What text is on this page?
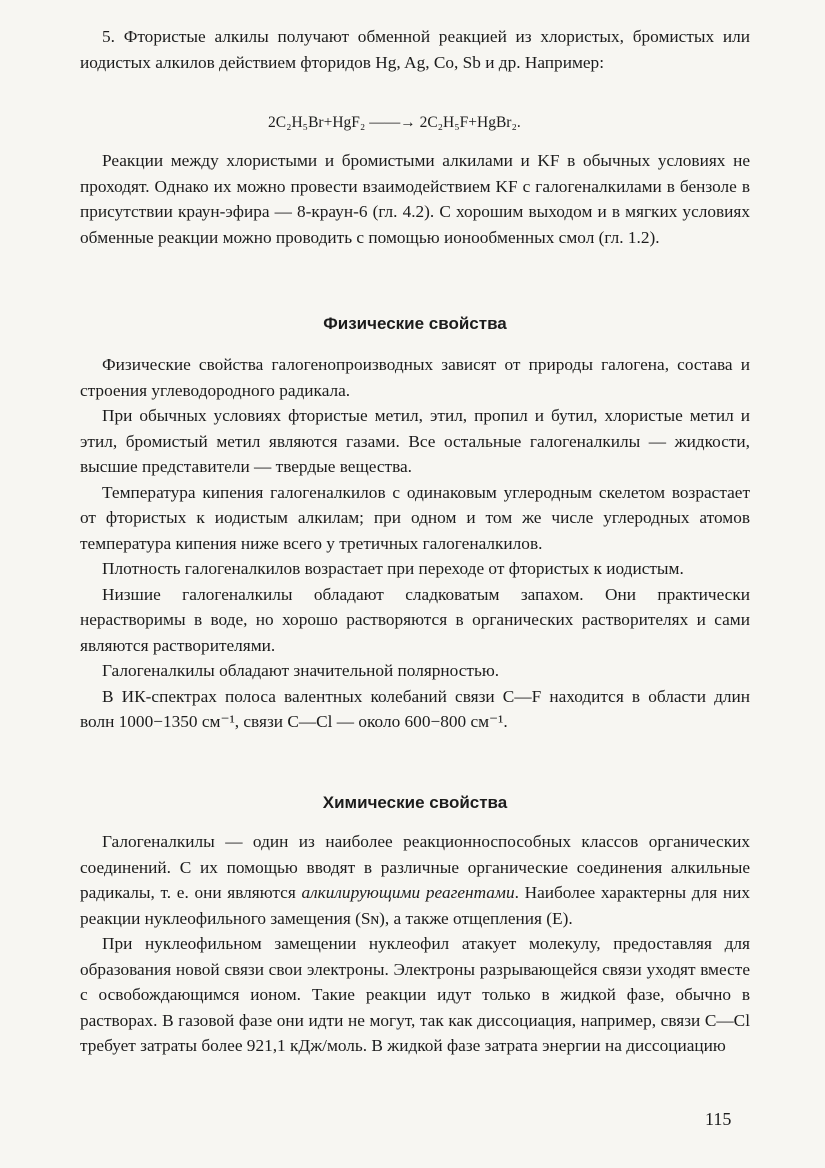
5. Фтористые алкилы получают обменной реакцией из хлористых, бромистых или иодистых алкилов действием фторидов Hg, Ag, Co, Sb и др. Например:

2C₂H₅Br+HgF₂ ——→ 2C₂H₅F+HgBr₂.

Реакции между хлористыми и бромистыми алкилами и KF в обычных условиях не проходят. Однако их можно провести взаимодействием KF с галогеналкилами в бензоле в присутствии краун-эфира — 8-краун-6 (гл. 4.2). С хорошим выходом и в мягких условиях обменные реакции можно проводить с помощью ионообменных смол (гл. 1.2).

Физические свойства

Физические свойства галогенопроизводных зависят от природы галогена, состава и строения углеводородного радикала.

При обычных условиях фтористые метил, этил, пропил и бутил, хлористые метил и этил, бромистый метил являются газами. Все остальные галогеналкилы — жидкости, высшие представители — твердые вещества.

Температура кипения галогеналкилов с одинаковым углеродным скелетом возрастает от фтористых к иодистым алкилам; при одном и том же числе углеродных атомов температура кипения ниже всего у третичных галогеналкилов.

Плотность галогеналкилов возрастает при переходе от фтористых к иодистым.

Низшие галогеналкилы обладают сладковатым запахом. Они практически нерастворимы в воде, но хорошо растворяются в органических растворителях и сами являются растворителями.

Галогеналкилы обладают значительной полярностью.

В ИК-спектрах полоса валентных колебаний связи C—F находится в области длин волн 1000−1350 см⁻¹, связи C—Cl — около 600−800 см⁻¹.

Химические свойства

Галогеналкилы — один из наиболее реакционноспособных классов органических соединений. С их помощью вводят в различные органические соединения алкильные радикалы, т. е. они являются алкилирующими реагентами. Наиболее характерны для них реакции нуклеофильного замещения (Sɴ), а также отщепления (E).

При нуклеофильном замещении нуклеофил атакует молекулу, предоставляя для образования новой связи свои электроны. Электроны разрывающейся связи уходят вместе с освобождающимся ионом. Такие реакции идут только в жидкой фазе, обычно в растворах. В газовой фазе они идти не могут, так как диссоциация, например, связи C—Cl требует затраты более 921,1 кДж/моль. В жидкой фазе затрата энергии на диссоциацию

115
